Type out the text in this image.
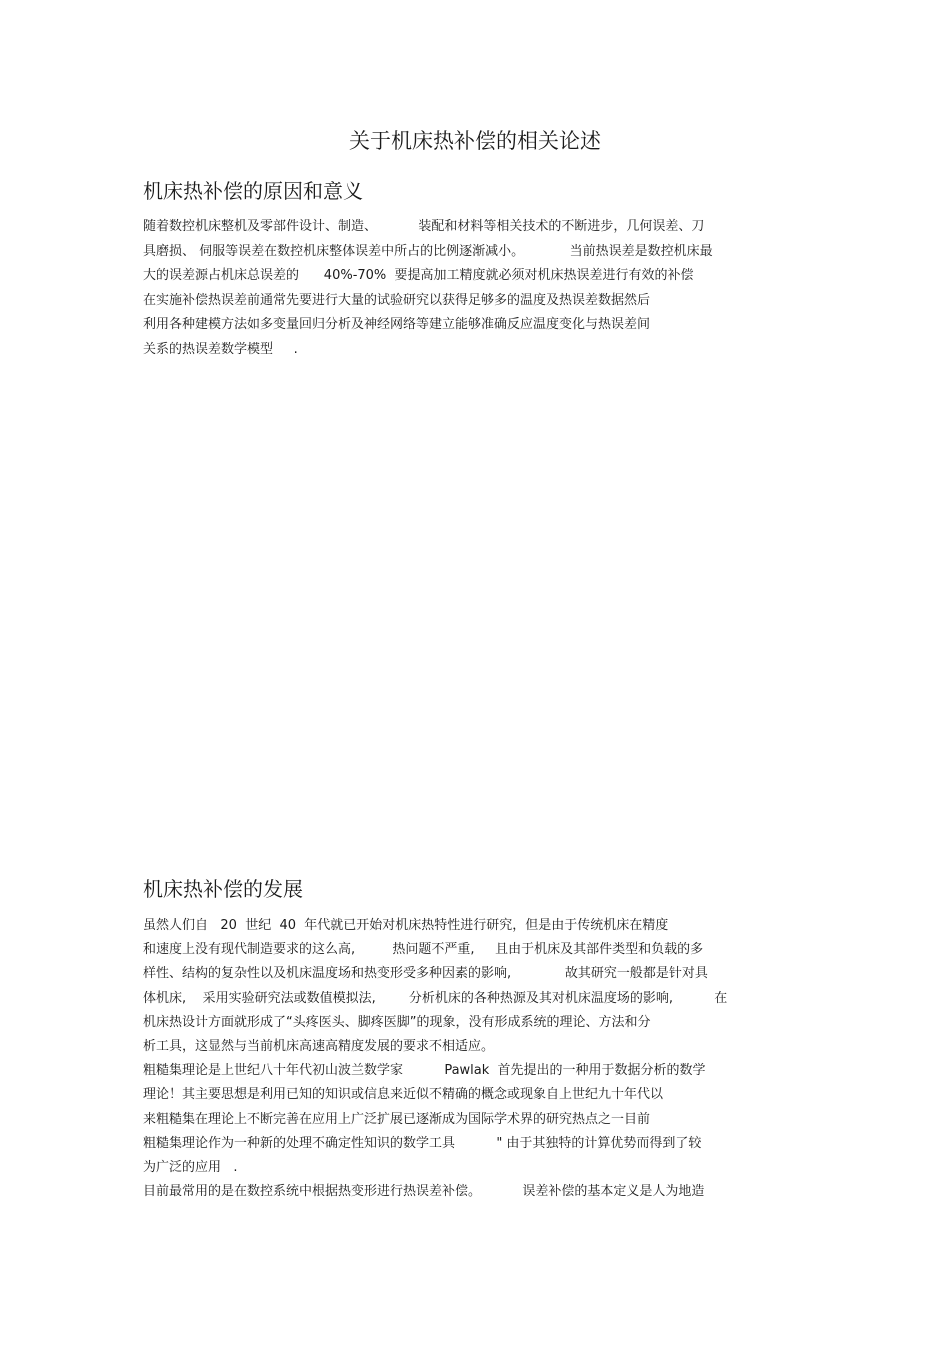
关于机床热补偿的相关论述
机床热补偿的原因和意义
随着数控机床整机及零部件设计、制造、          装配和材料等相关技术的不断进步，几何误差、刀
具磨损、 伺服等误差在数控机床整体误差中所占的比例逐渐减小。           当前热误差是数控机床最
大的误差源占机床总误差的      40%-70%  要提高加工精度就必须对机床热误差进行有效的补偿
在实施补偿热误差前通常先要进行大量的试验研究以获得足够多的温度及热误差数据然后
利用各种建模方法如多变量回归分析及神经网络等建立能够准确反应温度变化与热误差间
关系的热误差数学模型     .
机床热补偿的发展
虽然人们自   20  世纪  40  年代就已开始对机床热特性进行研究，但是由于传统机床在精度
和速度上没有现代制造要求的这么高,         热问题不严重,     且由于机床及其部件类型和负载的多
样性、结构的复杂性以及机床温度场和热变形受多种因素的影响,             故其研究一般都是针对具
体机床,    采用实验研究法或数值模拟法,        分析机床的各种热源及其对机床温度场的影响,          在
机床热设计方面就形成了“头疼医头、脚疼医脚”的现象，没有形成系统的理论、方法和分
析工具，这显然与当前机床高速高精度发展的要求不相适应。
粗糙集理论是上世纪八十年代初山波兰数学家          Pawlak  首先提出的一种用于数据分析的数学
理论！其主要思想是利用已知的知识或信息来近似不精确的概念或现象自上世纪九十年代以
来粗糙集在理论上不断完善在应用上广泛扩展已逐渐成为国际学术界的研究热点之一目前
粗糙集理论作为一种新的处理不确定性知识的数学工具          " 由于其独特的计算优势而得到了较
为广泛的应用   .
目前最常用的是在数控系统中根据热变形进行热误差补偿。          误差补偿的基本定义是人为地造
